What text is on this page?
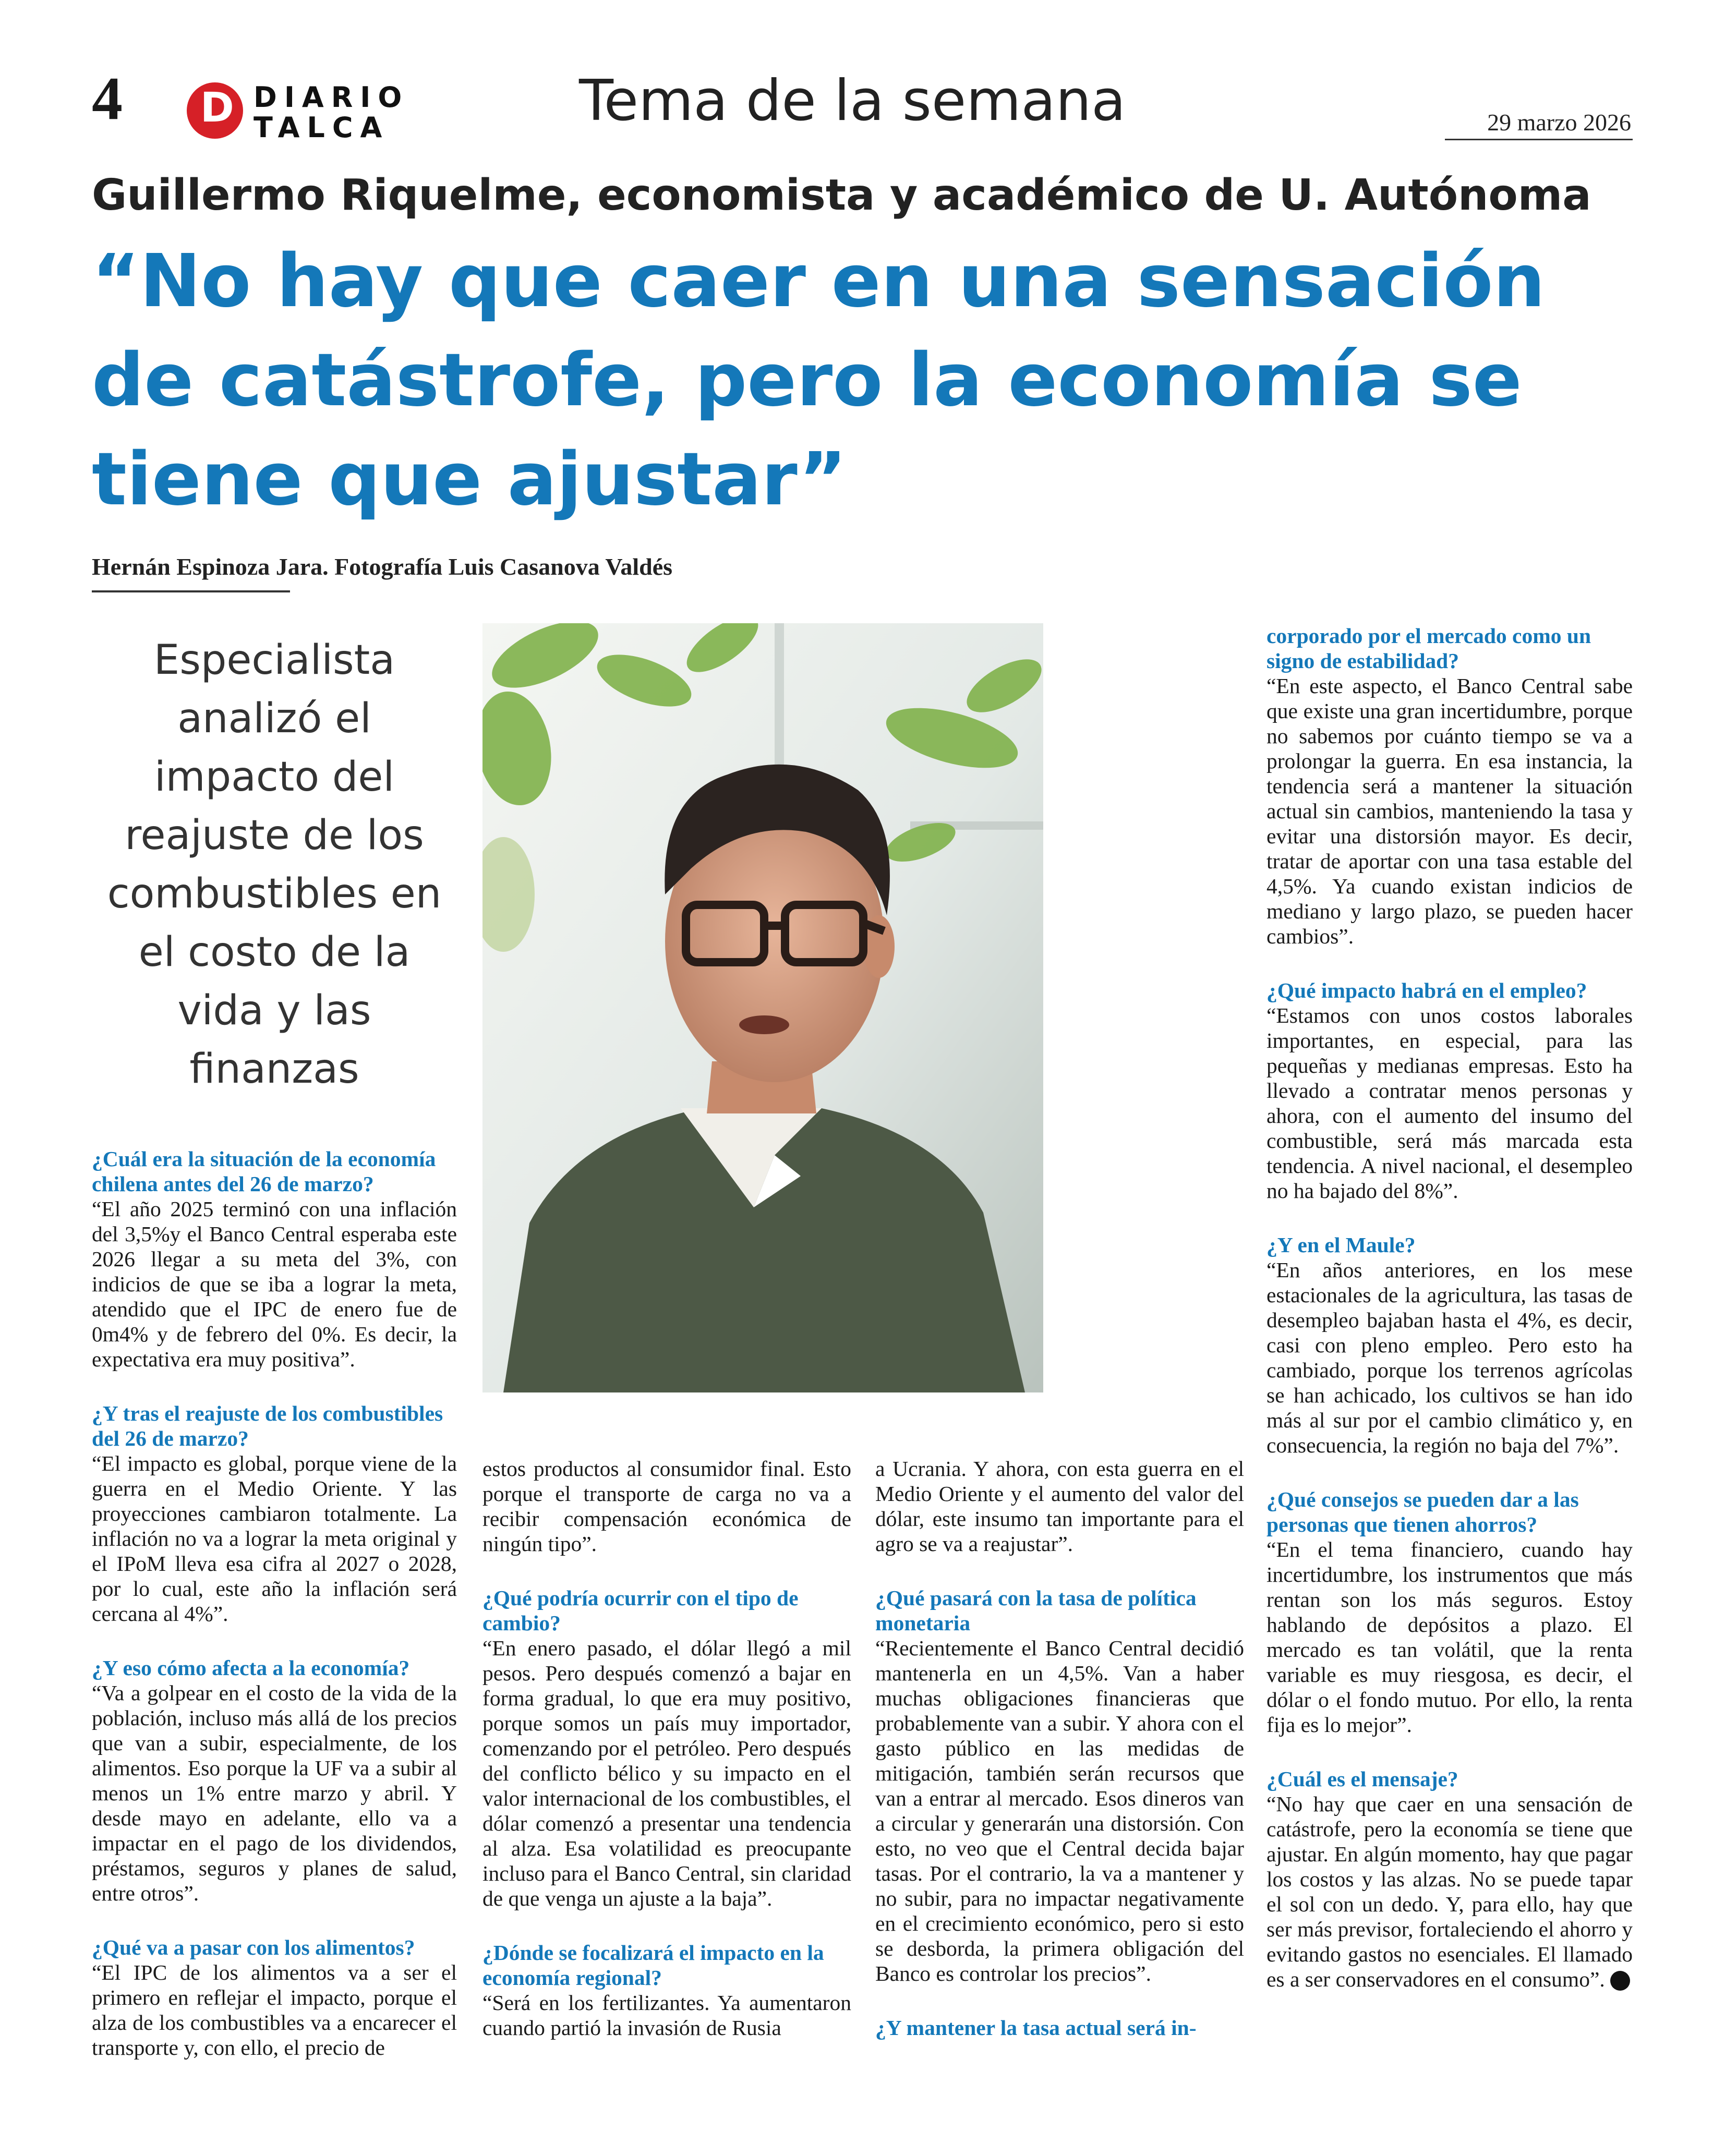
4 D DIARIO
TALCA	Tema de la semana	29 marzo 2026
Guillermo Riquelme, economista y académico de U. Autónoma
“No hay que caer en una sensación de catástrofe, pero la economía se tiene que ajustar”
Hernán Espinoza Jara. Fotografía Luis Casanova Valdés
Especialista analizó el impacto del reajuste de los combustibles en el costo de la vida y las finanzas
¿Cuál era la situación de la economía chilena antes del 26 de marzo?
“El año 2025 terminó con una inflación del 3,5%y el Banco Central esperaba este 2026 llegar a su meta del 3%, con indicios de que se iba a lograr la meta, atendido que el IPC de enero fue de 0m4% y de febrero del 0%. Es decir, la expectativa era muy positiva”.
¿Y tras el reajuste de los combustibles del 26 de marzo?
“El impacto es global, porque viene de la guerra en el Medio Oriente. Y las proyecciones cambiaron totalmente. La inflación no va a lograr la meta original y el IPoM lleva esa cifra al 2027 o 2028, por lo cual, este año la inflación será cercana al 4%”.
¿Y eso cómo afecta a la economía?
“Va a golpear en el costo de la vida de la población, incluso más allá de los precios que van a subir, especialmente, de los alimentos. Eso porque la UF va a subir al menos un 1% entre marzo y abril. Y desde mayo en adelante, ello va a impactar en el pago de los dividendos, préstamos, seguros y planes de salud, entre otros”.
¿Qué va a pasar con los alimentos?
“El IPC de los alimentos va a ser el primero en reflejar el impacto, porque el alza de los combustibles va a encarecer el transporte y, con ello, el precio de
estos productos al consumidor final. Esto porque el transporte de carga no va a recibir compensación económica de ningún tipo”.
¿Qué podría ocurrir con el tipo de cambio?
“En enero pasado, el dólar llegó a mil pesos. Pero después comenzó a bajar en forma gradual, lo que era muy positivo, porque somos un país muy importador, comenzando por el petróleo. Pero después del conflicto bélico y su impacto en el valor internacional de los combustibles, el dólar comenzó a presentar una tendencia al alza. Esa volatilidad es preocupante incluso para el Banco Central, sin claridad de que venga un ajuste a la baja”.
¿Dónde se focalizará el impacto en la economía regional?
“Será en los fertilizantes. Ya aumentaron cuando partió la invasión de Rusia
a Ucrania. Y ahora, con esta guerra en el Medio Oriente y el aumento del valor del dólar, este insumo tan importante para el agro se va a reajustar”.
¿Qué pasará con la tasa de política monetaria
“Recientemente el Banco Central decidió mantenerla en un 4,5%. Van a haber muchas obligaciones financieras que probablemente van a subir. Y ahora con el gasto público en las medidas de mitigación, también serán recursos que van a entrar al mercado. Esos dineros van a circular y generarán una distorsión. Con esto, no veo que el Central decida bajar tasas. Por el contrario, la va a mantener y no subir, para no impactar negativamente en el crecimiento económico, pero si esto se desborda, la primera obligación del Banco es controlar los precios”.
¿Y mantener la tasa actual será in-
corporado por el mercado como un signo de estabilidad?
“En este aspecto, el Banco Central sabe que existe una gran incertidumbre, porque no sabemos por cuánto tiempo se va a prolongar la guerra. En esa instancia, la tendencia será a mantener la situación actual sin cambios, manteniendo la tasa y evitar una distorsión mayor. Es decir, tratar de aportar con una tasa estable del 4,5%. Ya cuando existan indicios de mediano y largo plazo, se pueden hacer cambios”.
¿Qué impacto habrá en el empleo?
“Estamos con unos costos laborales importantes, en especial, para las pequeñas y medianas empresas. Esto ha llevado a contratar menos personas y ahora, con el aumento del insumo del combustible, será más marcada esta tendencia. A nivel nacional, el desempleo no ha bajado del 8%”.
¿Y en el Maule?
“En años anteriores, en los mese estacionales de la agricultura, las tasas de desempleo bajaban hasta el 4%, es decir, casi con pleno empleo. Pero esto ha cambiado, porque los terrenos agrícolas se han achicado, los cultivos se han ido más al sur por el cambio climático y, en consecuencia, la región no baja del 7%”.
¿Qué consejos se pueden dar a las personas que tienen ahorros?
“En el tema financiero, cuando hay incertidumbre, los instrumentos que más rentan son los más seguros. Estoy hablando de depósitos a plazo. El mercado es tan volátil, que la renta variable es muy riesgosa, es decir, el dólar o el fondo mutuo. Por ello, la renta fija es lo mejor”.
¿Cuál es el mensaje?
“No hay que caer en una sensación de catástrofe, pero la economía se tiene que ajustar. En algún momento, hay que pagar los costos y las alzas. No se puede tapar el sol con un dedo. Y, para ello, hay que ser más previsor, fortaleciendo el ahorro y evitando gastos no esenciales. El llamado es a ser conservadores en el consumo”.
